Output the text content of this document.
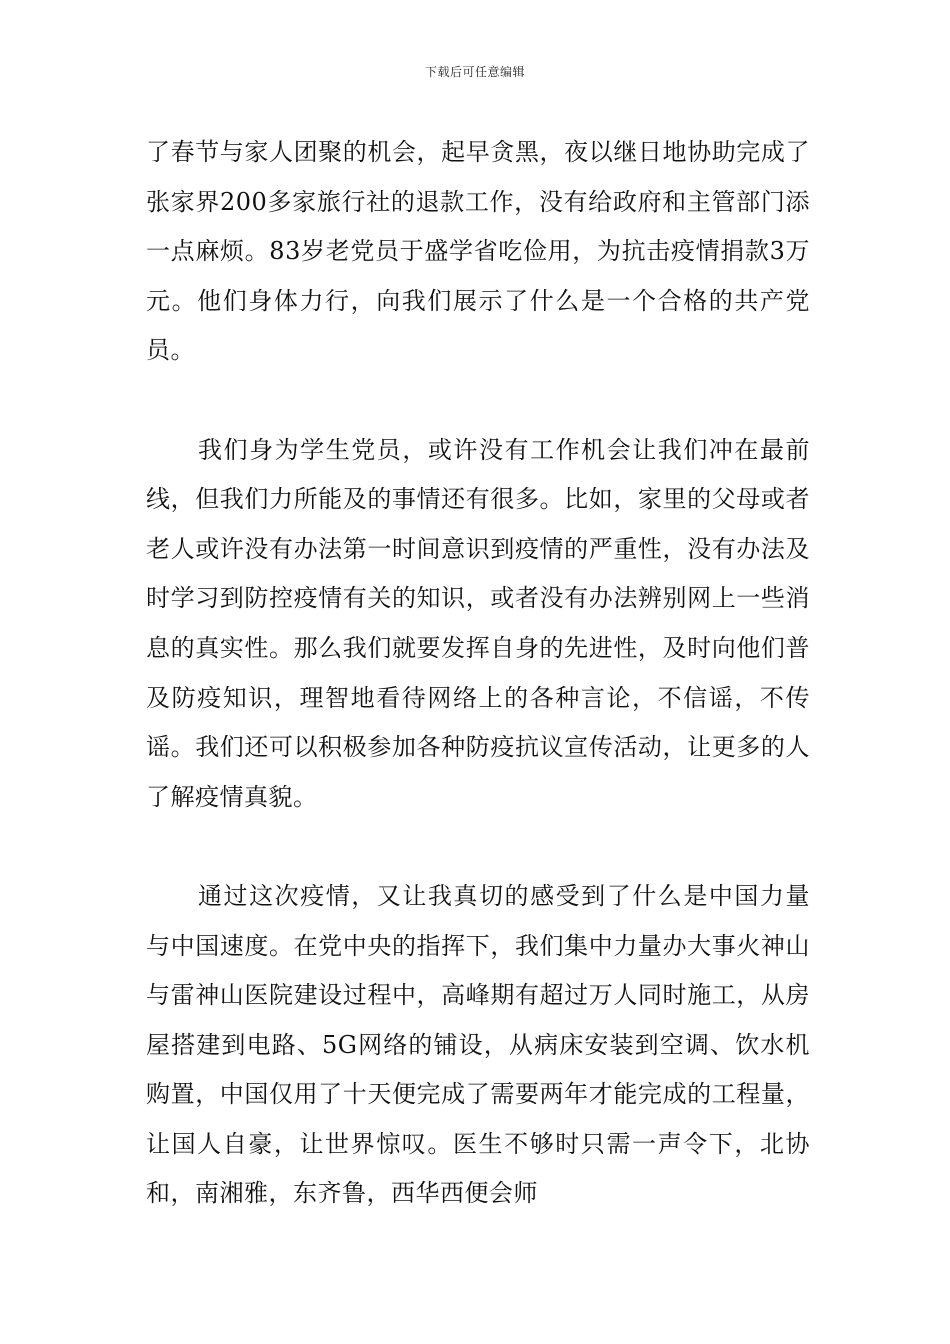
下载后可任意编辑

了春节与家人团聚的机会，起早贪黑，夜以继日地协助完成了张家界200多家旅行社的退款工作，没有给政府和主管部门添一点麻烦。83岁老党员于盛学省吃俭用，为抗击疫情捐款3万元。他们身体力行，向我们展示了什么是一个合格的共产党员。

我们身为学生党员，或许没有工作机会让我们冲在最前线，但我们力所能及的事情还有很多。比如，家里的父母或者老人或许没有办法第一时间意识到疫情的严重性，没有办法及时学习到防控疫情有关的知识，或者没有办法辨别网上一些消息的真实性。那么我们就要发挥自身的先进性，及时向他们普及防疫知识，理智地看待网络上的各种言论，不信谣，不传谣。我们还可以积极参加各种防疫抗议宣传活动，让更多的人了解疫情真貌。

通过这次疫情，又让我真切的感受到了什么是中国力量与中国速度。在党中央的指挥下，我们集中力量办大事火神山与雷神山医院建设过程中，高峰期有超过万人同时施工，从房屋搭建到电路、5G网络的铺设，从病床安装到空调、饮水机购置，中国仅用了十天便完成了需要两年才能完成的工程量，让国人自豪，让世界惊叹。医生不够时只需一声令下，北协和，南湘雅，东齐鲁，西华西便会师
